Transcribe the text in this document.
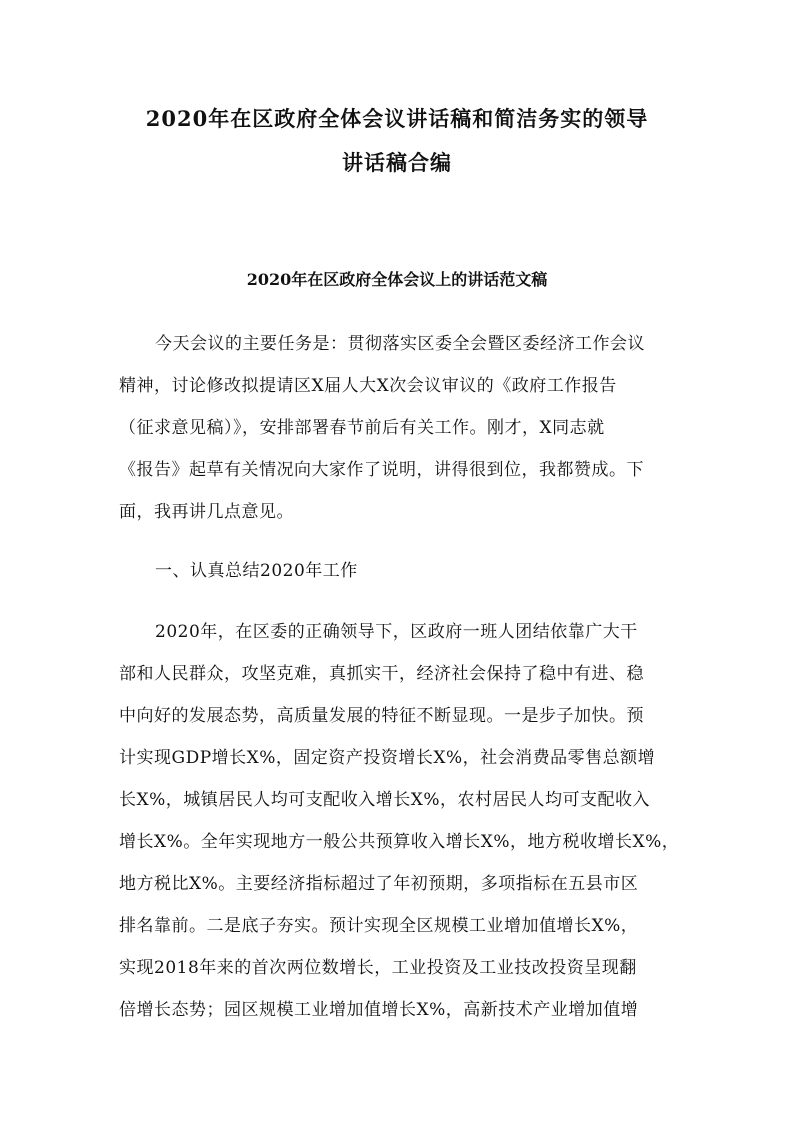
2020年在区政府全体会议讲话稿和简洁务实的领导
讲话稿合编
2020年在区政府全体会议上的讲话范文稿
今天会议的主要任务是：贯彻落实区委全会暨区委经济工作会议
精神，讨论修改拟提请区X届人大X次会议审议的《政府工作报告
（征求意见稿）》，安排部署春节前后有关工作。刚才，X同志就
《报告》起草有关情况向大家作了说明，讲得很到位，我都赞成。下
面，我再讲几点意见。
一、认真总结2020年工作
2020年，在区委的正确领导下，区政府一班人团结依靠广大干
部和人民群众，攻坚克难，真抓实干，经济社会保持了稳中有进、稳
中向好的发展态势，高质量发展的特征不断显现。一是步子加快。预
计实现GDP增长X%，固定资产投资增长X%，社会消费品零售总额增
长X%，城镇居民人均可支配收入增长X%，农村居民人均可支配收入
增长X%。全年实现地方一般公共预算收入增长X%，地方税收增长X%，
地方税比X%。主要经济指标超过了年初预期，多项指标在五县市区
排名靠前。二是底子夯实。预计实现全区规模工业增加值增长X%，
实现2018年来的首次两位数增长，工业投资及工业技改投资呈现翻
倍增长态势；园区规模工业增加值增长X%，高新技术产业增加值增
